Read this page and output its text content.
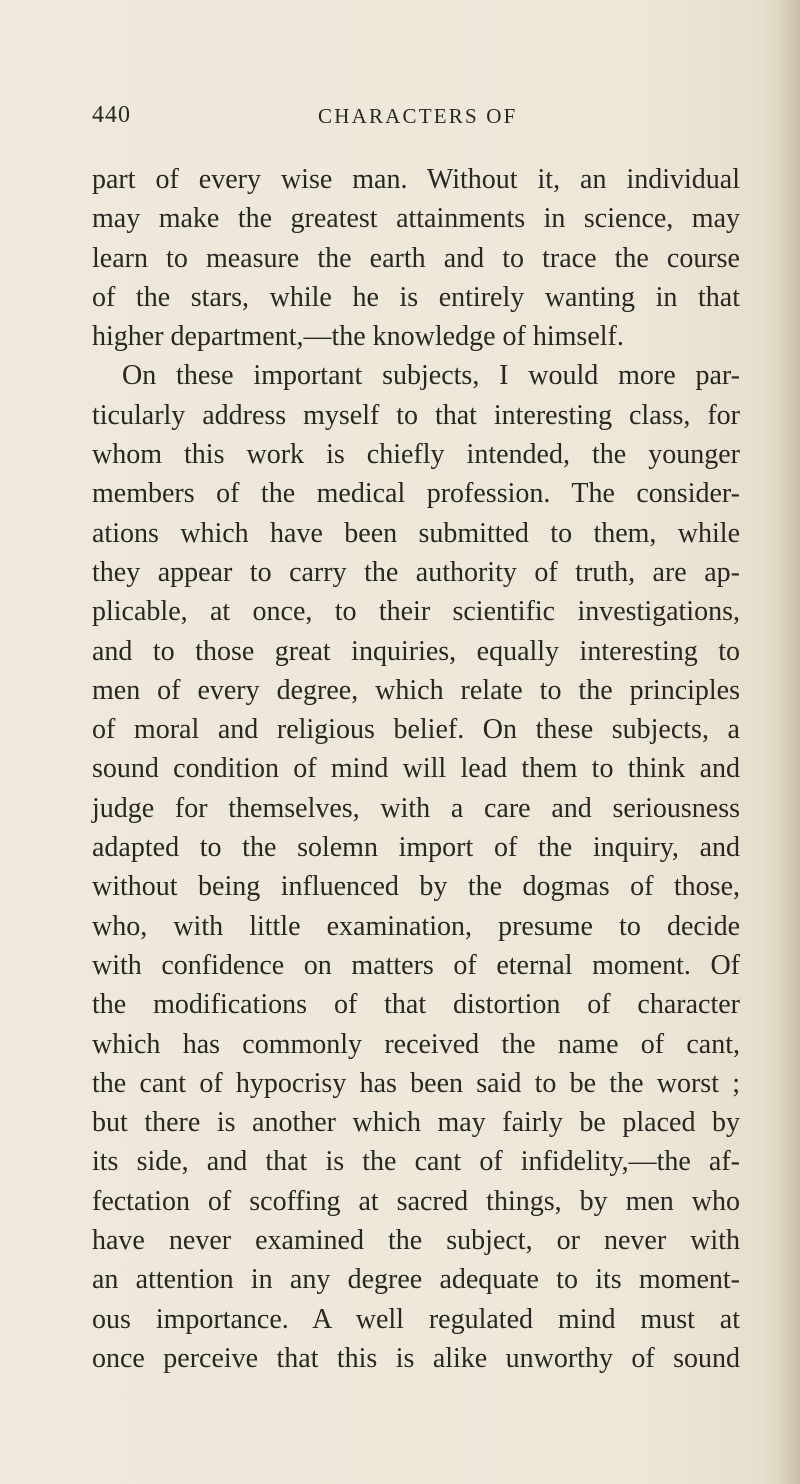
440	CHARACTERS OF
part of every wise man. Without it, an individual
may make the greatest attainments in science, may
learn to measure the earth and to trace the course
of the stars, while he is entirely wanting in that
higher department,—the knowledge of himself.
On these important subjects, I would more par-
ticularly address myself to that interesting class, for
whom this work is chiefly intended, the younger
members of the medical profession. The consider-
ations which have been submitted to them, while
they appear to carry the authority of truth, are ap-
plicable, at once, to their scientific investigations,
and to those great inquiries, equally interesting to
men of every degree, which relate to the principles
of moral and religious belief. On these subjects, a
sound condition of mind will lead them to think and
judge for themselves, with a care and seriousness
adapted to the solemn import of the inquiry, and
without being influenced by the dogmas of those,
who, with little examination, presume to decide
with confidence on matters of eternal moment. Of
the modifications of that distortion of character
which has commonly received the name of cant,
the cant of hypocrisy has been said to be the worst ;
but there is another which may fairly be placed by
its side, and that is the cant of infidelity,—the af-
fectation of scoffing at sacred things, by men who
have never examined the subject, or never with
an attention in any degree adequate to its moment-
ous importance. A well regulated mind must at
once perceive that this is alike unworthy of sound
